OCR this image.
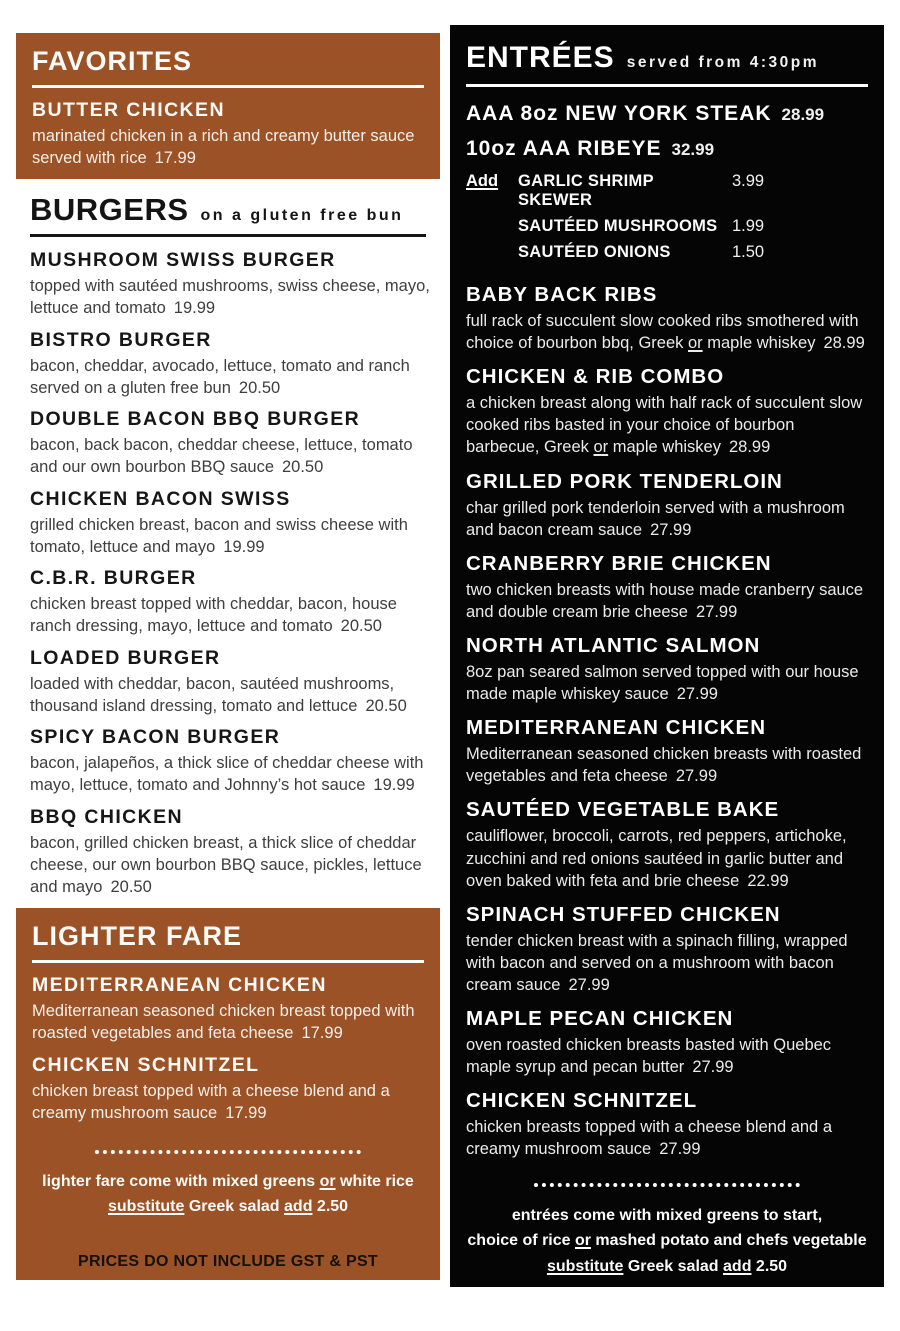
FAVORITES
BUTTER CHICKEN
marinated chicken in a rich and creamy butter sauce served with rice 17.99
BURGERS on a gluten free bun
MUSHROOM SWISS BURGER
topped with sautéed mushrooms, swiss cheese, mayo, lettuce and tomato 19.99
BISTRO BURGER
bacon, cheddar, avocado, lettuce, tomato and ranch served on a gluten free bun 20.50
DOUBLE BACON BBQ BURGER
bacon, back bacon, cheddar cheese, lettuce, tomato and our own bourbon BBQ sauce 20.50
CHICKEN BACON SWISS
grilled chicken breast, bacon and swiss cheese with tomato, lettuce and mayo 19.99
C.B.R. BURGER
chicken breast topped with cheddar, bacon, house ranch dressing, mayo, lettuce and tomato 20.50
LOADED BURGER
loaded with cheddar, bacon, sautéed mushrooms, thousand island dressing, tomato and lettuce 20.50
SPICY BACON BURGER
bacon, jalapeños, a thick slice of cheddar cheese with mayo, lettuce, tomato and Johnny’s hot sauce 19.99
BBQ CHICKEN
bacon, grilled chicken breast, a thick slice of cheddar cheese, our own bourbon BBQ sauce, pickles, lettuce and mayo 20.50
LIGHTER FARE
MEDITERRANEAN CHICKEN
Mediterranean seasoned chicken breast topped with roasted vegetables and feta cheese 17.99
CHICKEN SCHNITZEL
chicken breast topped with a cheese blend and a creamy mushroom sauce 17.99
lighter fare come with mixed greens or white rice
substitute Greek salad add 2.50
PRICES DO NOT INCLUDE GST & PST
ENTRÉES served from 4:30pm
AAA 8oz NEW YORK STEAK 28.99
10oz AAA RIBEYE 32.99
Add	GARLIC SHRIMP SKEWER
3.99
SAUTÉED MUSHROOMS 1.99
SAUTÉED ONIONS	1.50
BABY BACK RIBS
full rack of succulent slow cooked ribs smothered with choice of bourbon bbq, Greek or maple whiskey 28.99
CHICKEN & RIB COMBO
a chicken breast along with half rack of succulent slow cooked ribs basted in your choice of bourbon barbecue, Greek or maple whiskey 28.99
GRILLED PORK TENDERLOIN
char grilled pork tenderloin served with a mushroom and bacon cream sauce 27.99
CRANBERRY BRIE CHICKEN
two chicken breasts with house made cranberry sauce and double cream brie cheese 27.99
NORTH ATLANTIC SALMON
8oz pan seared salmon served topped with our house made maple whiskey sauce 27.99
MEDITERRANEAN CHICKEN
Mediterranean seasoned chicken breasts with roasted vegetables and feta cheese 27.99
SAUTÉED VEGETABLE BAKE
cauliflower, broccoli, carrots, red peppers, artichoke, zucchini and red onions sautéed in garlic butter and oven baked with feta and brie cheese 22.99
SPINACH STUFFED CHICKEN
tender chicken breast with a spinach filling, wrapped with bacon and served on a mushroom with bacon cream sauce 27.99
MAPLE PECAN CHICKEN
oven roasted chicken breasts basted with Quebec maple syrup and pecan butter 27.99
CHICKEN SCHNITZEL
chicken breasts topped with a cheese blend and a creamy mushroom sauce 27.99
entrées come with mixed greens to start,
choice of rice or mashed potato and chefs vegetable
substitute Greek salad add 2.50
